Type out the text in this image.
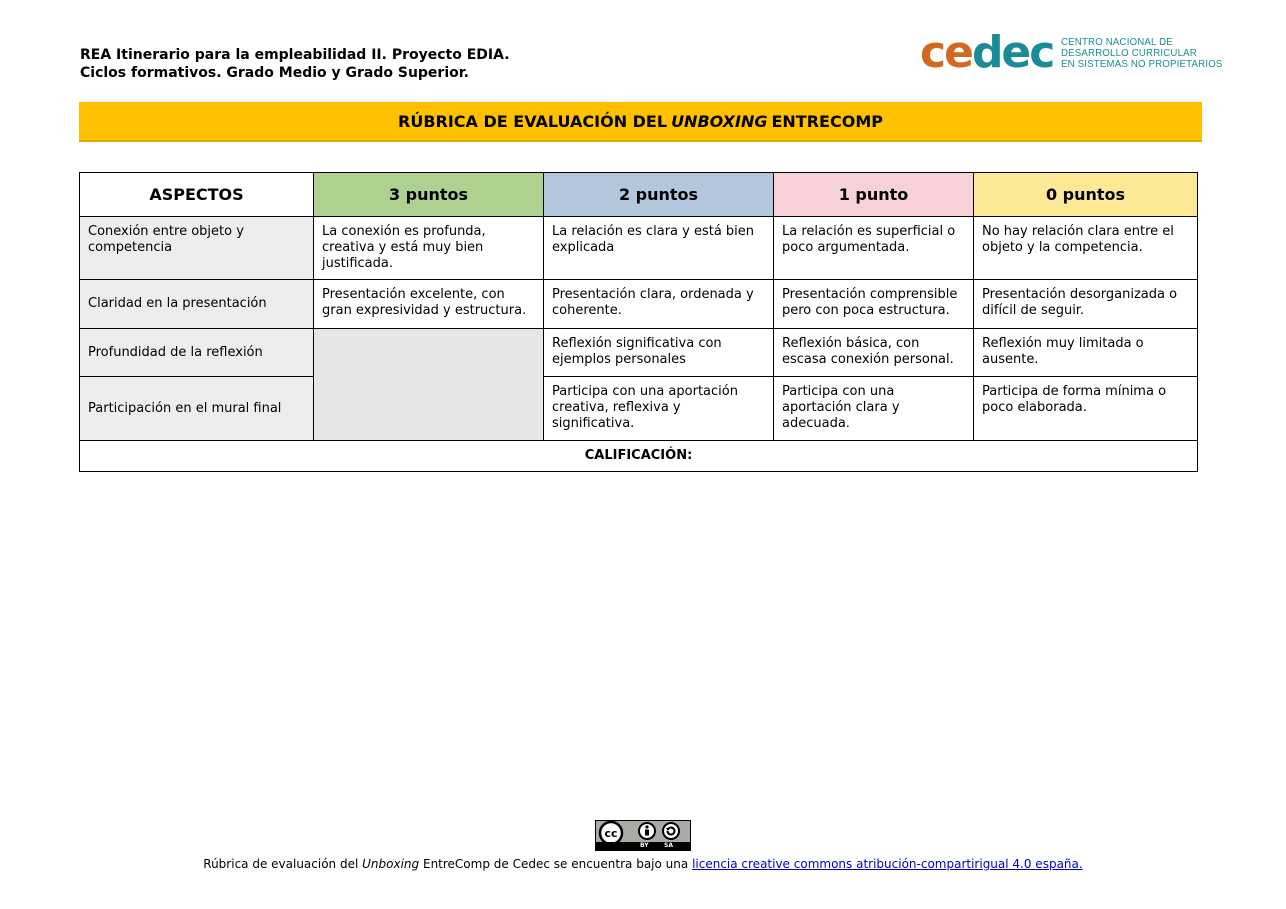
REA Itinerario para la empleabilidad II. Proyecto EDIA.
Ciclos formativos. Grado Medio y Grado Superior.	cedec CENTRO NACIONAL DE
DESARROLLO CURRICULAR
EN SISTEMAS NO PROPIETARIOS
RÚBRICA DE EVALUACIÓN DEL UNBOXING ENTRECOMP
ASPECTOS	3 puntos	2 puntos	1 punto	0 puntos
Conexión entre objeto y competencia	La conexión es profunda, creativa y está muy bien justificada.	La relación es clara y está bien explicada	La relación es superficial o poco argumentada.	No hay relación clara entre el objeto y la competencia.
Claridad en la presentación	Presentación excelente, con gran expresividad y estructura.	Presentación clara, ordenada y coherente.	Presentación comprensible pero con poca estructura.	Presentación desorganizada o difícil de seguir.
Profundidad de la reflexión		Reflexión significativa con ejemplos personales	Reflexión básica, con escasa conexión personal.	Reflexión muy limitada o ausente.
Participación en el mural final		Participa con una aportación creativa, reflexiva y significativa.	Participa con una aportación clara y adecuada.	Participa de forma mínima o poco elaborada.
CALIFICACIÓN:				
cc
BY	SA
Rúbrica de evaluación del Unboxing EntreComp de Cedec se encuentra bajo una licencia creative commons atribución-compartirigual 4.0 españa.
